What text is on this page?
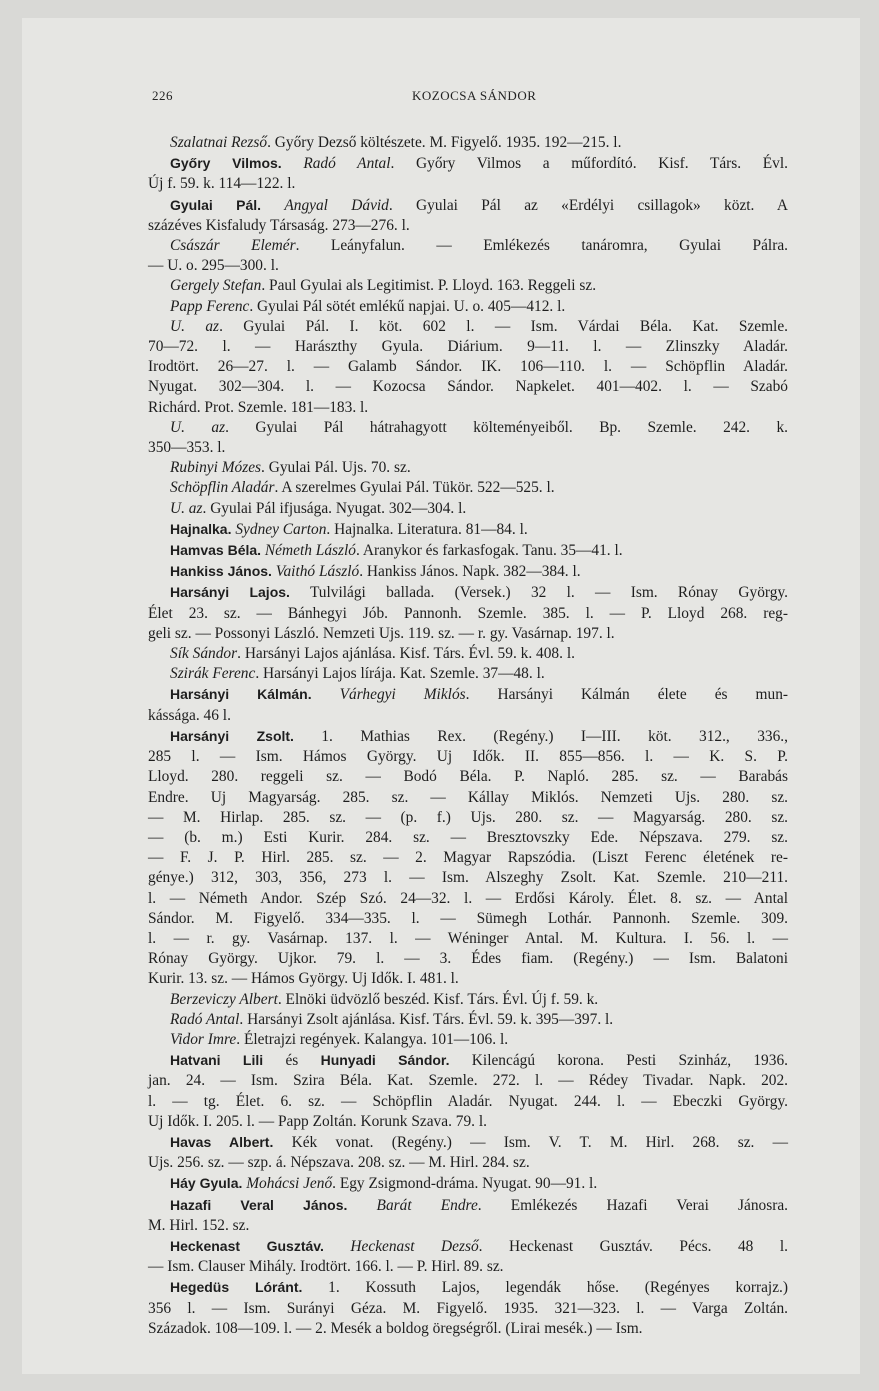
226	KOZOCSA SÁNDOR
Szalatnai Rezső. Győry Dezső költészete. M. Figyelő. 1935. 192—215. l.
Győry Vilmos. Radó Antal. Győry Vilmos a műfordító. Kisf. Társ. Évl.
Új f. 59. k. 114—122. l.
Gyulai Pál. Angyal Dávid. Gyulai Pál az «Erdélyi csillagok» közt. A
százéves Kisfaludy Társaság. 273—276. l.
Császár Elemér. Leányfalun. — Emlékezés tanáromra, Gyulai Pálra.
— U. o. 295—300. l.
Gergely Stefan. Paul Gyulai als Legitimist. P. Lloyd. 163. Reggeli sz.
Papp Ferenc. Gyulai Pál sötét emlékű napjai. U. o. 405—412. l.
U. az. Gyulai Pál. I. köt. 602 l. — Ism. Várdai Béla. Kat. Szemle.
70—72. l. — Harászthy Gyula. Diárium. 9—11. l. — Zlinszky Aladár.
Irodtört. 26—27. l. — Galamb Sándor. IK. 106—110. l. — Schöpflin Aladár.
Nyugat. 302—304. l. — Kozocsa Sándor. Napkelet. 401—402. l. — Szabó
Richárd. Prot. Szemle. 181—183. l.
U. az. Gyulai Pál hátrahagyott költeményeiből. Bp. Szemle. 242. k.
350—353. l.
Rubinyi Mózes. Gyulai Pál. Ujs. 70. sz.
Schöpflin Aladár. A szerelmes Gyulai Pál. Tükör. 522—525. l.
U. az. Gyulai Pál ifjusága. Nyugat. 302—304. l.
Hajnalka. Sydney Carton. Hajnalka. Literatura. 81—84. l.
Hamvas Béla. Németh László. Aranykor és farkasfogak. Tanu. 35—41. l.
Hankiss János. Vaithó László. Hankiss János. Napk. 382—384. l.
Harsányi Lajos. Tulvilági ballada. (Versek.) 32 l. — Ism. Rónay György.
Élet 23. sz. — Bánhegyi Jób. Pannonh. Szemle. 385. l. — P. Lloyd 268. reg-
geli sz. — Possonyi László. Nemzeti Ujs. 119. sz. — r. gy. Vasárnap. 197. l.
Sík Sándor. Harsányi Lajos ajánlása. Kisf. Társ. Évl. 59. k. 408. l.
Szirák Ferenc. Harsányi Lajos lírája. Kat. Szemle. 37—48. l.
Harsányi Kálmán. Várhegyi Miklós. Harsányi Kálmán élete és mun-
kássága. 46 l.
Harsányi Zsolt. 1. Mathias Rex. (Regény.) I—III. köt. 312., 336.,
285 l. — Ism. Hámos György. Uj Idők. II. 855—856. l. — K. S. P.
Lloyd. 280. reggeli sz. — Bodó Béla. P. Napló. 285. sz. — Barabás
Endre. Uj Magyarság. 285. sz. — Kállay Miklós. Nemzeti Ujs. 280. sz.
— M. Hirlap. 285. sz. — (p. f.) Ujs. 280. sz. — Magyarság. 280. sz.
— (b. m.) Esti Kurir. 284. sz. — Bresztovszky Ede. Népszava. 279. sz.
— F. J. P. Hirl. 285. sz. — 2. Magyar Rapszódia. (Liszt Ferenc életének re-
génye.) 312, 303, 356, 273 l. — Ism. Alszeghy Zsolt. Kat. Szemle. 210—211.
l. — Németh Andor. Szép Szó. 24—32. l. — Erdősi Károly. Élet. 8. sz. — Antal
Sándor. M. Figyelő. 334—335. l. — Sümegh Lothár. Pannonh. Szemle. 309.
l. — r. gy. Vasárnap. 137. l. — Wéninger Antal. M. Kultura. I. 56. l. —
Rónay György. Ujkor. 79. l. — 3. Édes fiam. (Regény.) — Ism. Balatoni
Kurir. 13. sz. — Hámos György. Uj Idők. I. 481. l.
Berzeviczy Albert. Elnöki üdvözlő beszéd. Kisf. Társ. Évl. Új f. 59. k.
Radó Antal. Harsányi Zsolt ajánlása. Kisf. Társ. Évl. 59. k. 395—397. l.
Vidor Imre. Életrajzi regények. Kalangya. 101—106. l.
Hatvani Lili és Hunyadi Sándor. Kilencágú korona. Pesti Szinház, 1936.
jan. 24. — Ism. Szira Béla. Kat. Szemle. 272. l. — Rédey Tivadar. Napk. 202.
l. — tg. Élet. 6. sz. — Schöpflin Aladár. Nyugat. 244. l. — Ebeczki György.
Uj Idők. I. 205. l. — Papp Zoltán. Korunk Szava. 79. l.
Havas Albert. Kék vonat. (Regény.) — Ism. V. T. M. Hirl. 268. sz. —
Ujs. 256. sz. — szp. á. Népszava. 208. sz. — M. Hirl. 284. sz.
Háy Gyula. Mohácsi Jenő. Egy Zsigmond-dráma. Nyugat. 90—91. l.
Hazafi Veral János. Barát Endre. Emlékezés Hazafi Verai Jánosra.
M. Hirl. 152. sz.
Heckenast Gusztáv. Heckenast Dezső. Heckenast Gusztáv. Pécs. 48 l.
— Ism. Clauser Mihály. Irodtört. 166. l. — P. Hirl. 89. sz.
Hegedüs Lóránt. 1. Kossuth Lajos, legendák hőse. (Regényes korrajz.)
356 l. — Ism. Surányi Géza. M. Figyelő. 1935. 321—323. l. — Varga Zoltán.
Századok. 108—109. l. — 2. Mesék a boldog öregségről. (Lirai mesék.) — Ism.
